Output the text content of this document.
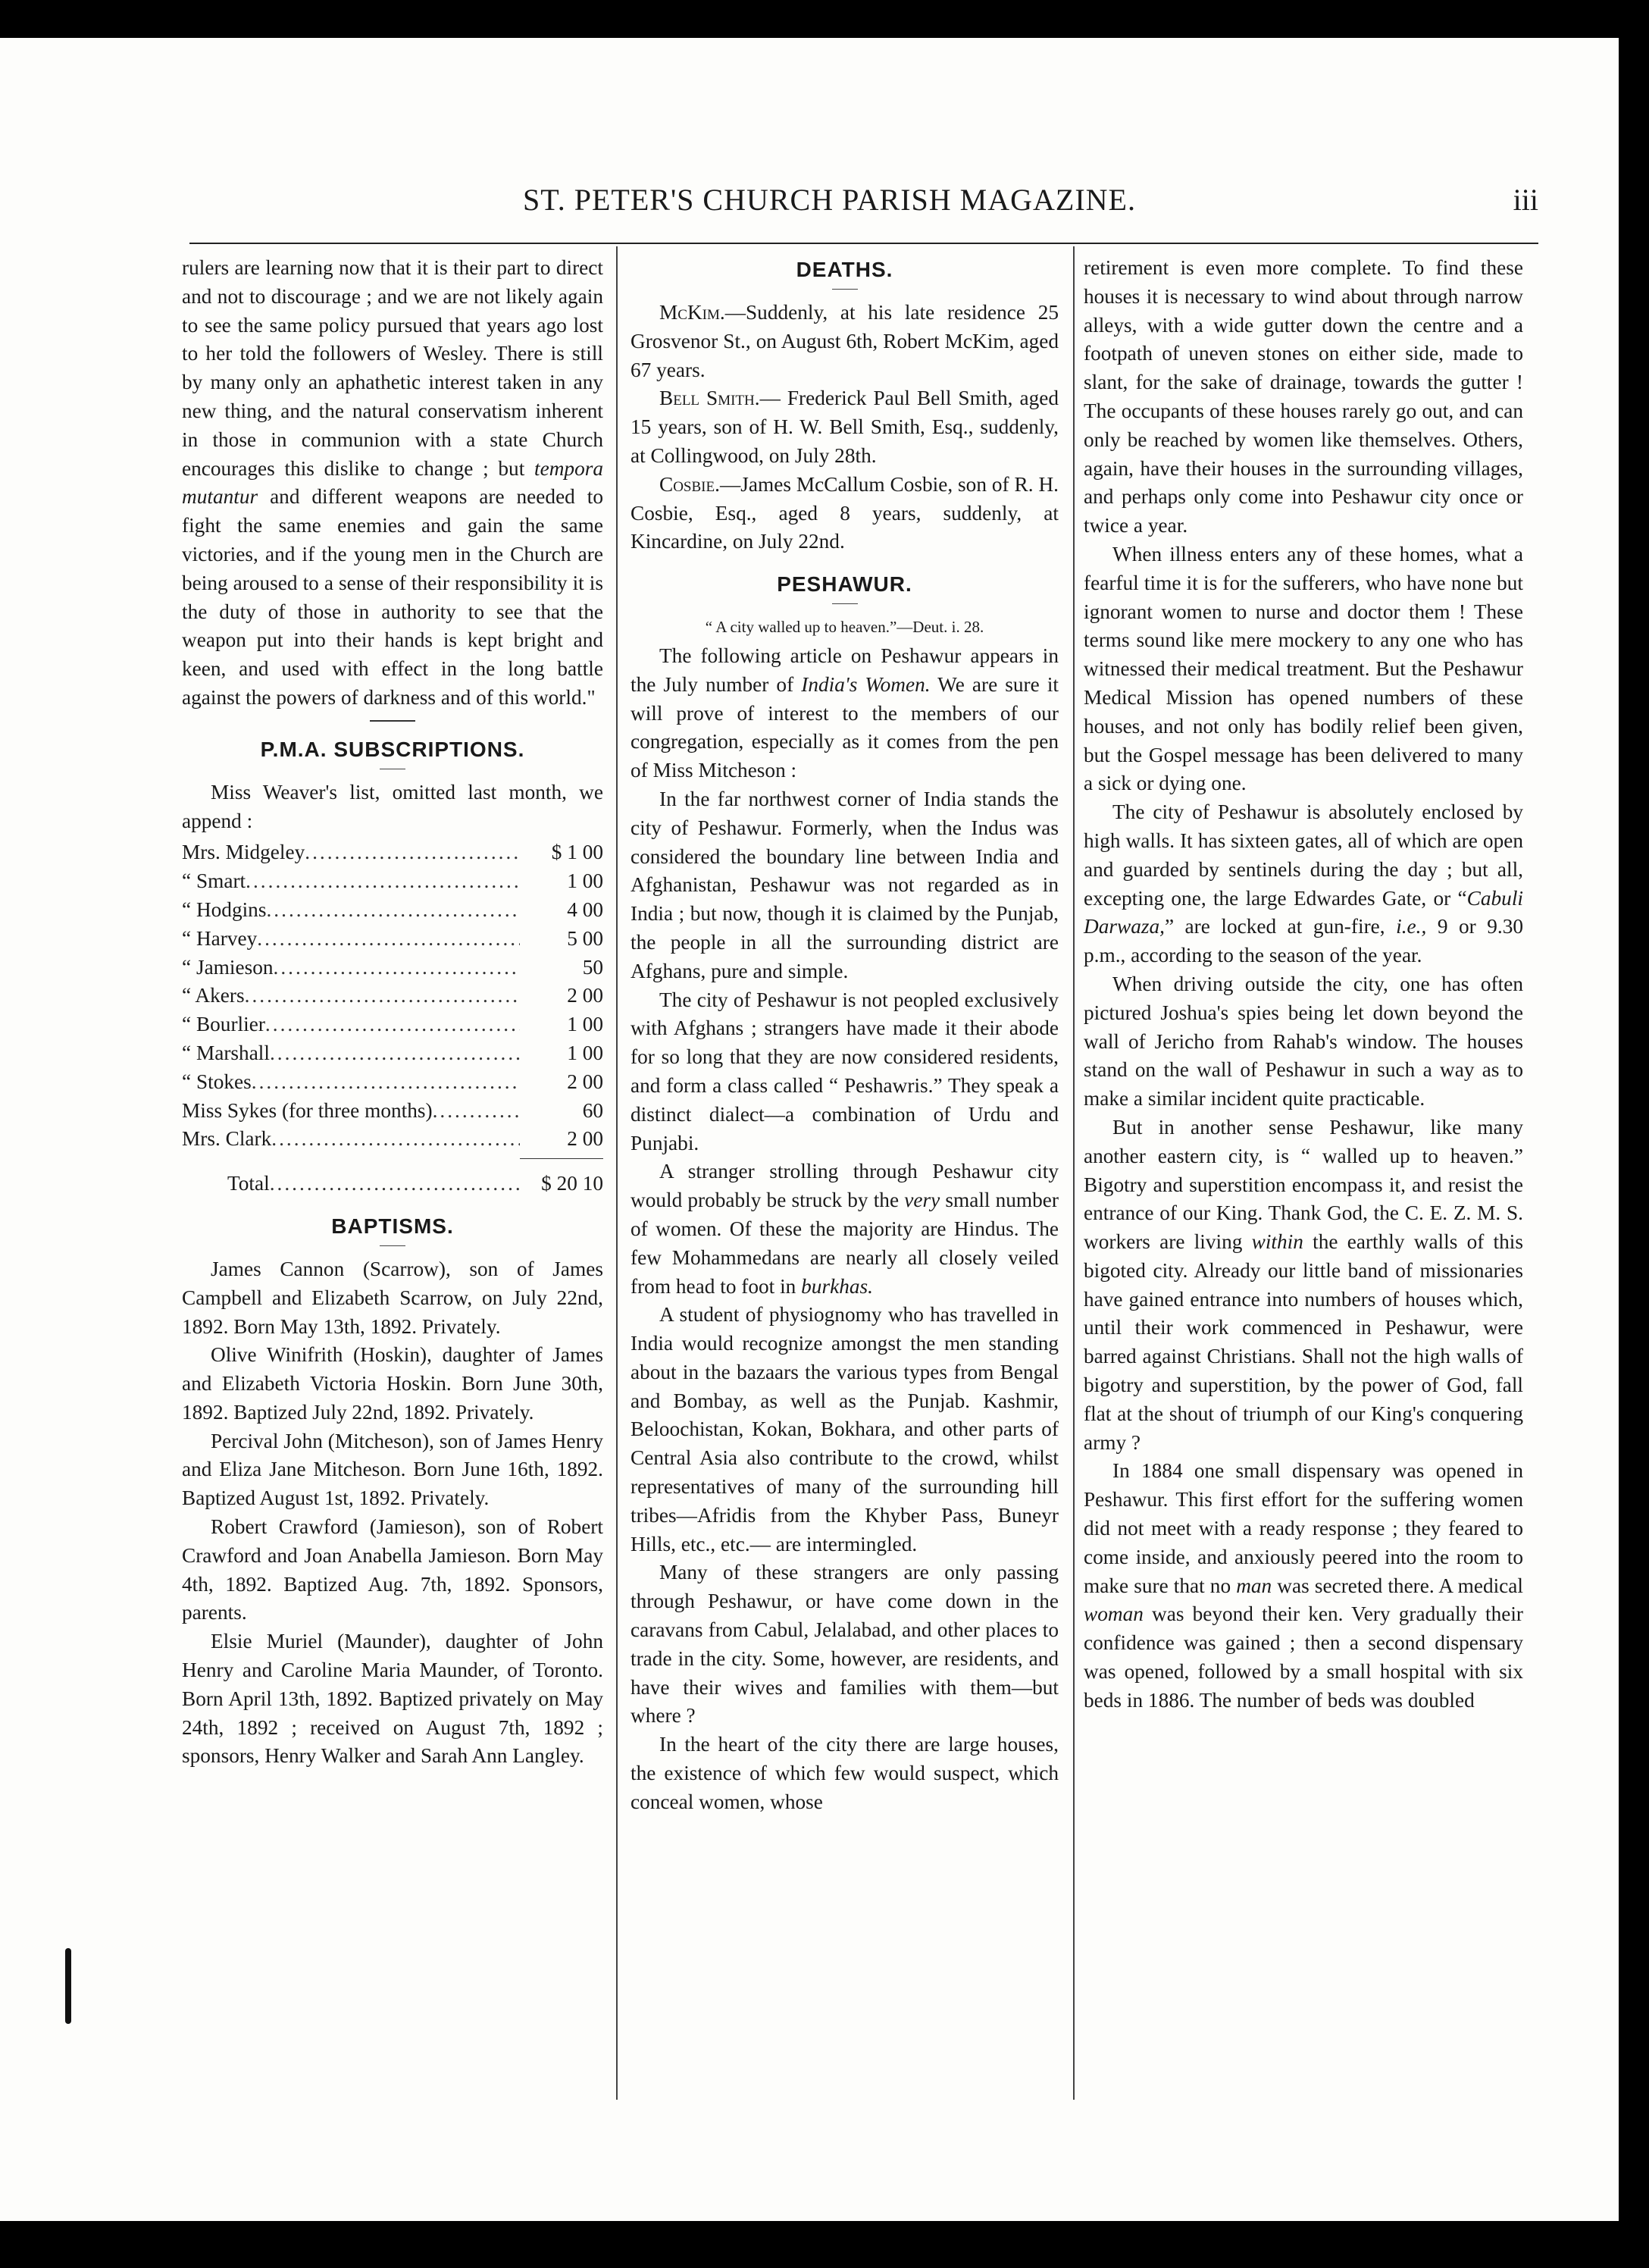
ST. PETER'S CHURCH PARISH MAGAZINE.	iii

rulers are learning now that it is their part to direct and not to discourage ; and we are not likely again to see the same policy pursued that years ago lost to her told the followers of Wesley. There is still by many only an aphathetic interest taken in any new thing, and the natural conservatism inherent in those in communion with a state Church encourages this dislike to change ; but tempora mutantur and different weapons are needed to fight the same enemies and gain the same victories, and if the young men in the Church are being aroused to a sense of their responsibility it is the duty of those in authority to see that the weapon put into their hands is kept bright and keen, and used with effect in the long battle against the powers of darkness and of this world."

P.M.A. SUBSCRIPTIONS.

Miss Weaver's list, omitted last month, we append :

Mrs. Midgeley .....	$ 1 00
“ Smart .....	1 00
“ Hodgins .....	4 00
“ Harvey .....	5 00
“ Jamieson .....	50
“ Akers .....	2 00
“ Bourlier .....	1 00
“ Marshall .....	1 00
“ Stokes .....	2 00
Miss Sykes (for three months) .....	60
Mrs. Clark .....	2 00
Total .....	$ 20 10
BAPTISMS.

James Cannon (Scarrow), son of James Campbell and Elizabeth Scarrow, on July 22nd, 1892. Born May 13th, 1892. Privately.

Olive Winifrith (Hoskin), daughter of James and Elizabeth Victoria Hoskin. Born June 30th, 1892. Baptized July 22nd, 1892. Privately.

Percival John (Mitcheson), son of James Henry and Eliza Jane Mitcheson. Born June 16th, 1892. Baptized August 1st, 1892. Privately.

Robert Crawford (Jamieson), son of Robert Crawford and Joan Anabella Jamieson. Born May 4th, 1892. Baptized Aug. 7th, 1892. Sponsors, parents.

Elsie Muriel (Maunder), daughter of John Henry and Caroline Maria Maunder, of Toronto. Born April 13th, 1892. Baptized privately on May 24th, 1892 ; received on August 7th, 1892 ; sponsors, Henry Walker and Sarah Ann Langley.

DEATHS.

McKim.—Suddenly, at his late residence 25 Grosvenor St., on August 6th, Robert McKim, aged 67 years.

Bell Smith.— Frederick Paul Bell Smith, aged 15 years, son of H. W. Bell Smith, Esq., suddenly, at Collingwood, on July 28th.

Cosbie.—James McCallum Cosbie, son of R. H. Cosbie, Esq., aged 8 years, suddenly, at Kincardine, on July 22nd.

PESHAWUR.

“ A city walled up to heaven.”—Deut. i. 28.

The following article on Peshawur appears in the July number of India's Women. We are sure it will prove of interest to the members of our congregation, especially as it comes from the pen of Miss Mitcheson :

In the far northwest corner of India stands the city of Peshawur. Formerly, when the Indus was considered the boundary line between India and Afghanistan, Peshawur was not regarded as in India ; but now, though it is claimed by the Punjab, the people in all the surrounding district are Afghans, pure and simple.

The city of Peshawur is not peopled exclusively with Afghans ; strangers have made it their abode for so long that they are now considered residents, and form a class called “ Peshawris.” They speak a distinct dialect—a combination of Urdu and Punjabi.

A stranger strolling through Peshawur city would probably be struck by the very small number of women. Of these the majority are Hindus. The few Mohammedans are nearly all closely veiled from head to foot in burkhas.

A student of physiognomy who has travelled in India would recognize amongst the men standing about in the bazaars the various types from Bengal and Bombay, as well as the Punjab. Kashmir, Beloochistan, Kokan, Bokhara, and other parts of Central Asia also contribute to the crowd, whilst representatives of many of the surrounding hill tribes—Afridis from the Khyber Pass, Buneyr Hills, etc., etc.— are intermingled.

Many of these strangers are only passing through Peshawur, or have come down in the caravans from Cabul, Jelalabad, and other places to trade in the city. Some, however, are residents, and have their wives and families with them—but where ?

In the heart of the city there are large houses, the existence of which few would suspect, which conceal women, whose

retirement is even more complete. To find these houses it is necessary to wind about through narrow alleys, with a wide gutter down the centre and a footpath of uneven stones on either side, made to slant, for the sake of drainage, towards the gutter ! The occupants of these houses rarely go out, and can only be reached by women like themselves. Others, again, have their houses in the surrounding villages, and perhaps only come into Peshawur city once or twice a year.

When illness enters any of these homes, what a fearful time it is for the sufferers, who have none but ignorant women to nurse and doctor them ! These terms sound like mere mockery to any one who has witnessed their medical treatment. But the Peshawur Medical Mission has opened numbers of these houses, and not only has bodily relief been given, but the Gospel message has been delivered to many a sick or dying one.

The city of Peshawur is absolutely enclosed by high walls. It has sixteen gates, all of which are open and guarded by sentinels during the day ; but all, excepting one, the large Edwardes Gate, or “Cabuli Darwaza,” are locked at gun-fire, i.e., 9 or 9.30 p.m., according to the season of the year.

When driving outside the city, one has often pictured Joshua's spies being let down beyond the wall of Jericho from Rahab's window. The houses stand on the wall of Peshawur in such a way as to make a similar incident quite practicable.

But in another sense Peshawur, like many another eastern city, is “ walled up to heaven.” Bigotry and superstition encompass it, and resist the entrance of our King. Thank God, the C. E. Z. M. S. workers are living within the earthly walls of this bigoted city. Already our little band of missionaries have gained entrance into numbers of houses which, until their work commenced in Peshawur, were barred against Christians. Shall not the high walls of bigotry and superstition, by the power of God, fall flat at the shout of triumph of our King's conquering army ?

In 1884 one small dispensary was opened in Peshawur. This first effort for the suffering women did not meet with a ready response ; they feared to come inside, and anxiously peered into the room to make sure that no man was secreted there. A medical woman was beyond their ken. Very gradually their confidence was gained ; then a second dispensary was opened, followed by a small hospital with six beds in 1886. The number of beds was doubled
